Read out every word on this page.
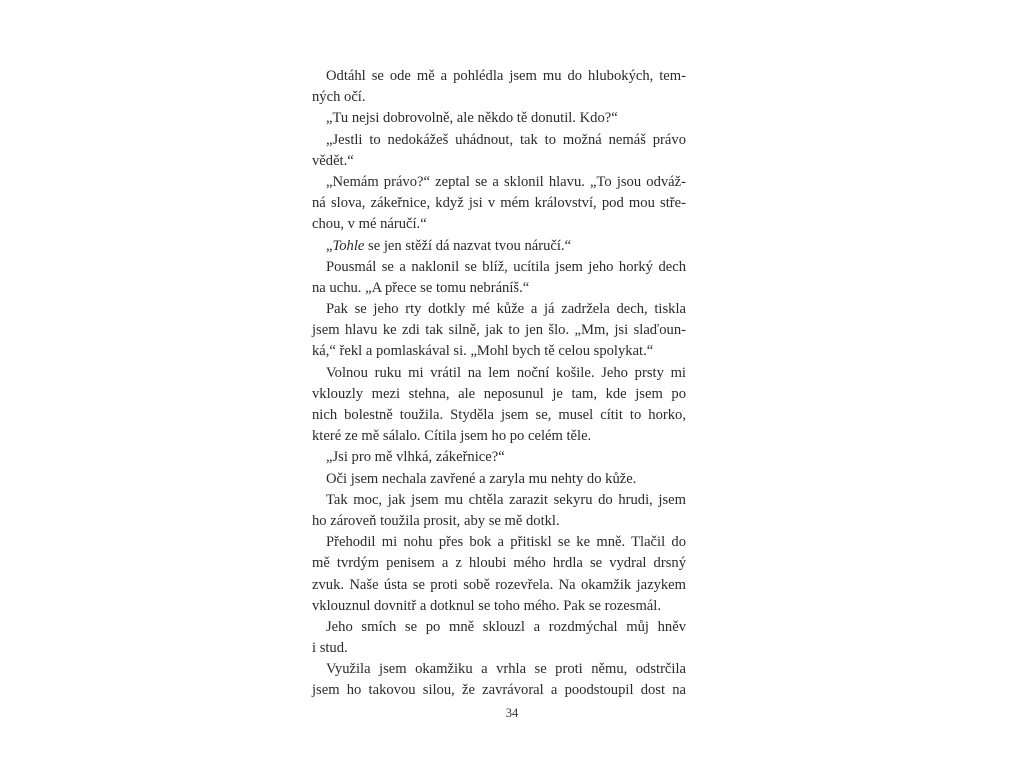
Odtáhl se ode mě a pohlédla jsem mu do hlubokých, tem-
ných očí.
„Tu nejsi dobrovolně, ale někdo tě donutil. Kdo?“
„Jestli to nedokážeš uhádnout, tak to možná nemáš právo
vědět.“
„Nemám právo?“ zeptal se a sklonil hlavu. „To jsou odváž-
ná slova, zákeřnice, když jsi v mém království, pod mou stře-
chou, v mé náručí.“
„Tohle se jen stěží dá nazvat tvou náručí.“
Pousmál se a naklonil se blíž, ucítila jsem jeho horký dech
na uchu. „A přece se tomu nebráníš.“
Pak se jeho rty dotkly mé kůže a já zadržela dech, tiskla
jsem hlavu ke zdi tak silně, jak to jen šlo. „Mm, jsi slaďoun-
ká,“ řekl a pomlaskával si. „Mohl bych tě celou spolykat.“
Volnou ruku mi vrátil na lem noční košile. Jeho prsty mi
vklouzly mezi stehna, ale neposunul je tam, kde jsem po
nich bolestně toužila. Styděla jsem se, musel cítit to horko,
které ze mě sálalo. Cítila jsem ho po celém těle.
„Jsi pro mě vlhká, zákeřnice?“
Oči jsem nechala zavřené a zaryla mu nehty do kůže.
Tak moc, jak jsem mu chtěla zarazit sekyru do hrudi, jsem
ho zároveň toužila prosit, aby se mě dotkl.
Přehodil mi nohu přes bok a přitiskl se ke mně. Tlačil do
mě tvrdým penisem a z hloubi mého hrdla se vydral drsný
zvuk. Naše ústa se proti sobě rozevřela. Na okamžik jazykem
vklouznul dovnitř a dotknul se toho mého. Pak se rozesmál.
Jeho smích se po mně sklouzl a rozdmýchal můj hněv
i stud.
Využila jsem okamžiku a vrhla se proti němu, odstrčila
jsem ho takovou silou, že zavrávoral a poodstoupil dost na
34
